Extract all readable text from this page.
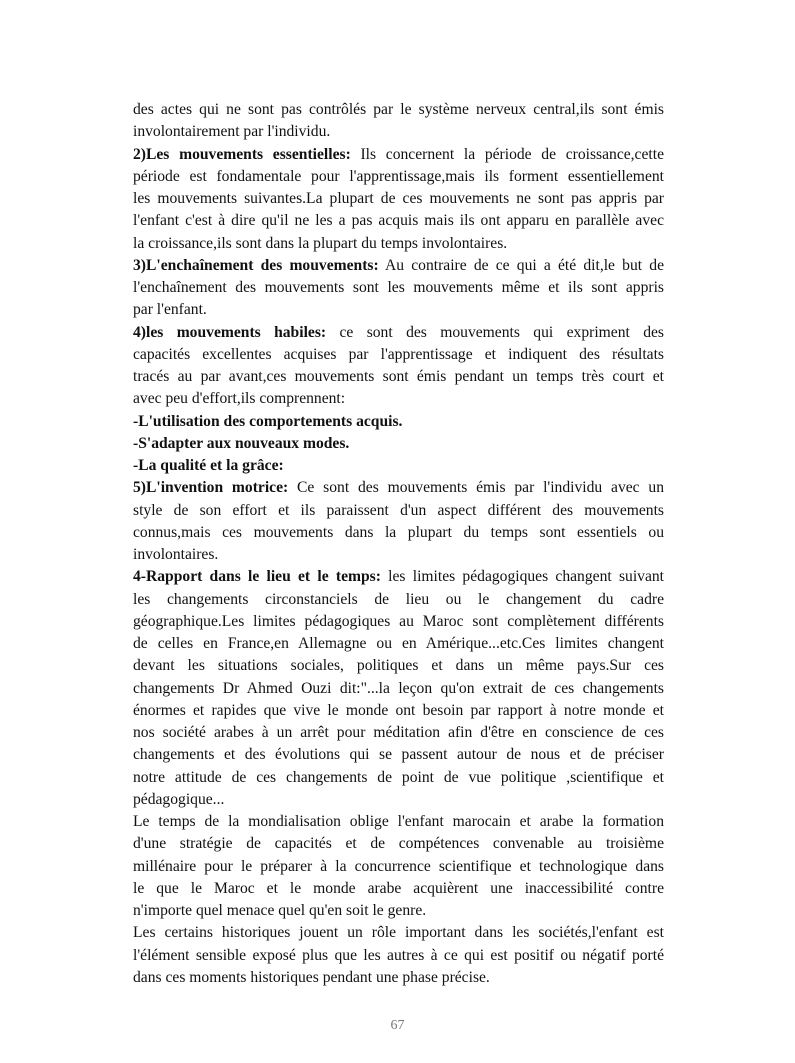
des actes qui ne sont pas contrôlés par le système nerveux central,ils sont émis
involontairement par l'individu.
2)Les mouvements essentielles: Ils concernent la période de croissance,cette
période est fondamentale pour l'apprentissage,mais ils forment essentiellement
les mouvements suivantes.La plupart de ces mouvements ne sont pas appris par
l'enfant c'est à dire qu'il ne les a pas acquis mais ils ont apparu en parallèle avec
la croissance,ils sont dans la plupart du temps involontaires.
3)L'enchaînement des mouvements: Au contraire de ce qui a été dit,le but de
l'enchaînement des mouvements sont les mouvements même et ils sont appris
par l'enfant.
4)les mouvements habiles: ce sont des mouvements qui expriment des
capacités excellentes acquises par l'apprentissage et indiquent des résultats
tracés au par avant,ces mouvements sont émis pendant un temps très court et
avec peu d'effort,ils comprennent:
-L'utilisation des comportements acquis.
-S'adapter aux nouveaux modes.
-La qualité et la grâce:
5)L'invention motrice: Ce sont des mouvements émis par l'individu avec un
style de son effort et ils paraissent d'un aspect différent des mouvements
connus,mais ces mouvements dans la plupart du temps sont essentiels ou
involontaires.
4-Rapport dans le lieu et le temps: les limites pédagogiques changent suivant
les changements circonstanciels de lieu ou le changement du cadre
géographique.Les limites pédagogiques au Maroc sont complètement différents
de celles en France,en Allemagne ou en Amérique...etc.Ces limites changent
devant les situations sociales, politiques et dans un même pays.Sur ces
changements Dr Ahmed Ouzi dit:"...la leçon qu'on extrait de ces changements
énormes et rapides que vive le monde ont besoin par rapport à notre monde et
nos société arabes à un arrêt pour méditation afin d'être en conscience de ces
changements et des évolutions qui se passent autour de nous et de préciser
notre attitude de ces changements de point de vue politique ,scientifique et
pédagogique...
Le temps de la mondialisation oblige l'enfant marocain et arabe la formation
d'une stratégie de capacités et de compétences convenable au troisième
millénaire pour le préparer à la concurrence scientifique et technologique dans
le que le Maroc et le monde arabe acquièrent une inaccessibilité contre
n'importe quel menace quel qu'en soit le genre.
Les certains historiques jouent un rôle important dans les sociétés,l'enfant est
l'élément sensible exposé plus que les autres à ce qui est positif ou négatif porté
dans ces moments historiques pendant une phase précise.
67
